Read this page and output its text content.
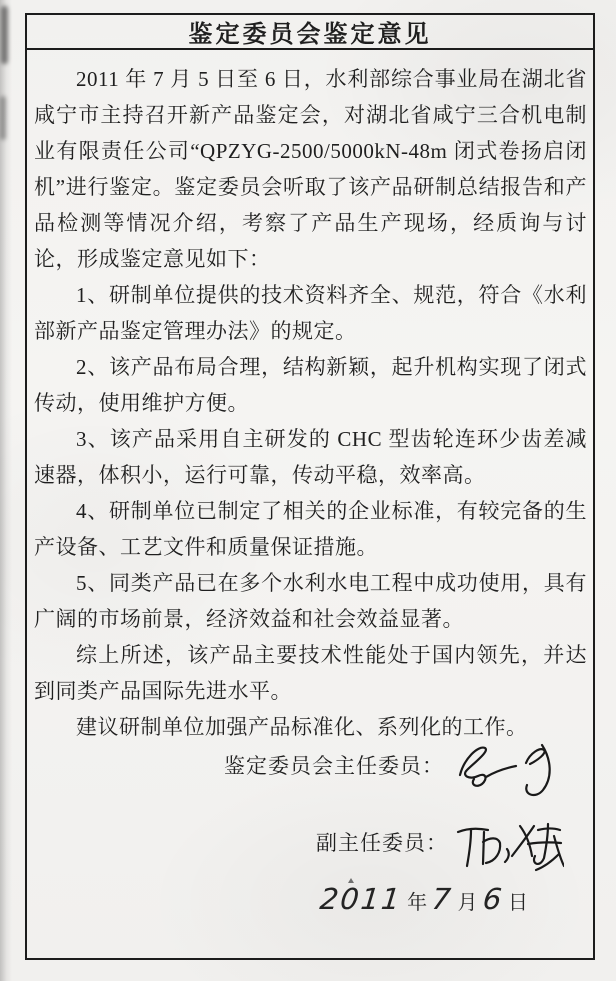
鉴定委员会鉴定意见

2011 年 7 月 5 日至 6 日，水利部综合事业局在湖北省咸宁市主持召开新产品鉴定会，对湖北省咸宁三合机电制业有限责任公司“QPZYG-2500/5000kN-48m 闭式卷扬启闭机”进行鉴定。鉴定委员会听取了该产品研制总结报告和产品检测等情况介绍，考察了产品生产现场，经质询与讨论，形成鉴定意见如下：

1、研制单位提供的技术资料齐全、规范，符合《水利部新产品鉴定管理办法》的规定。

2、该产品布局合理，结构新颖，起升机构实现了闭式传动，使用维护方便。

3、该产品采用自主研发的 CHC 型齿轮连环少齿差减速器，体积小，运行可靠，传动平稳，效率高。

4、研制单位已制定了相关的企业标准，有较完备的生产设备、工艺文件和质量保证措施。

5、同类产品已在多个水利水电工程中成功使用，具有广阔的市场前景，经济效益和社会效益显著。

综上所述，该产品主要技术性能处于国内领先，并达到同类产品国际先进水平。

建议研制单位加强产品标准化、系列化的工作。

鉴定委员会主任委员：
副主任委员：
2011 年 7 月 6 日
